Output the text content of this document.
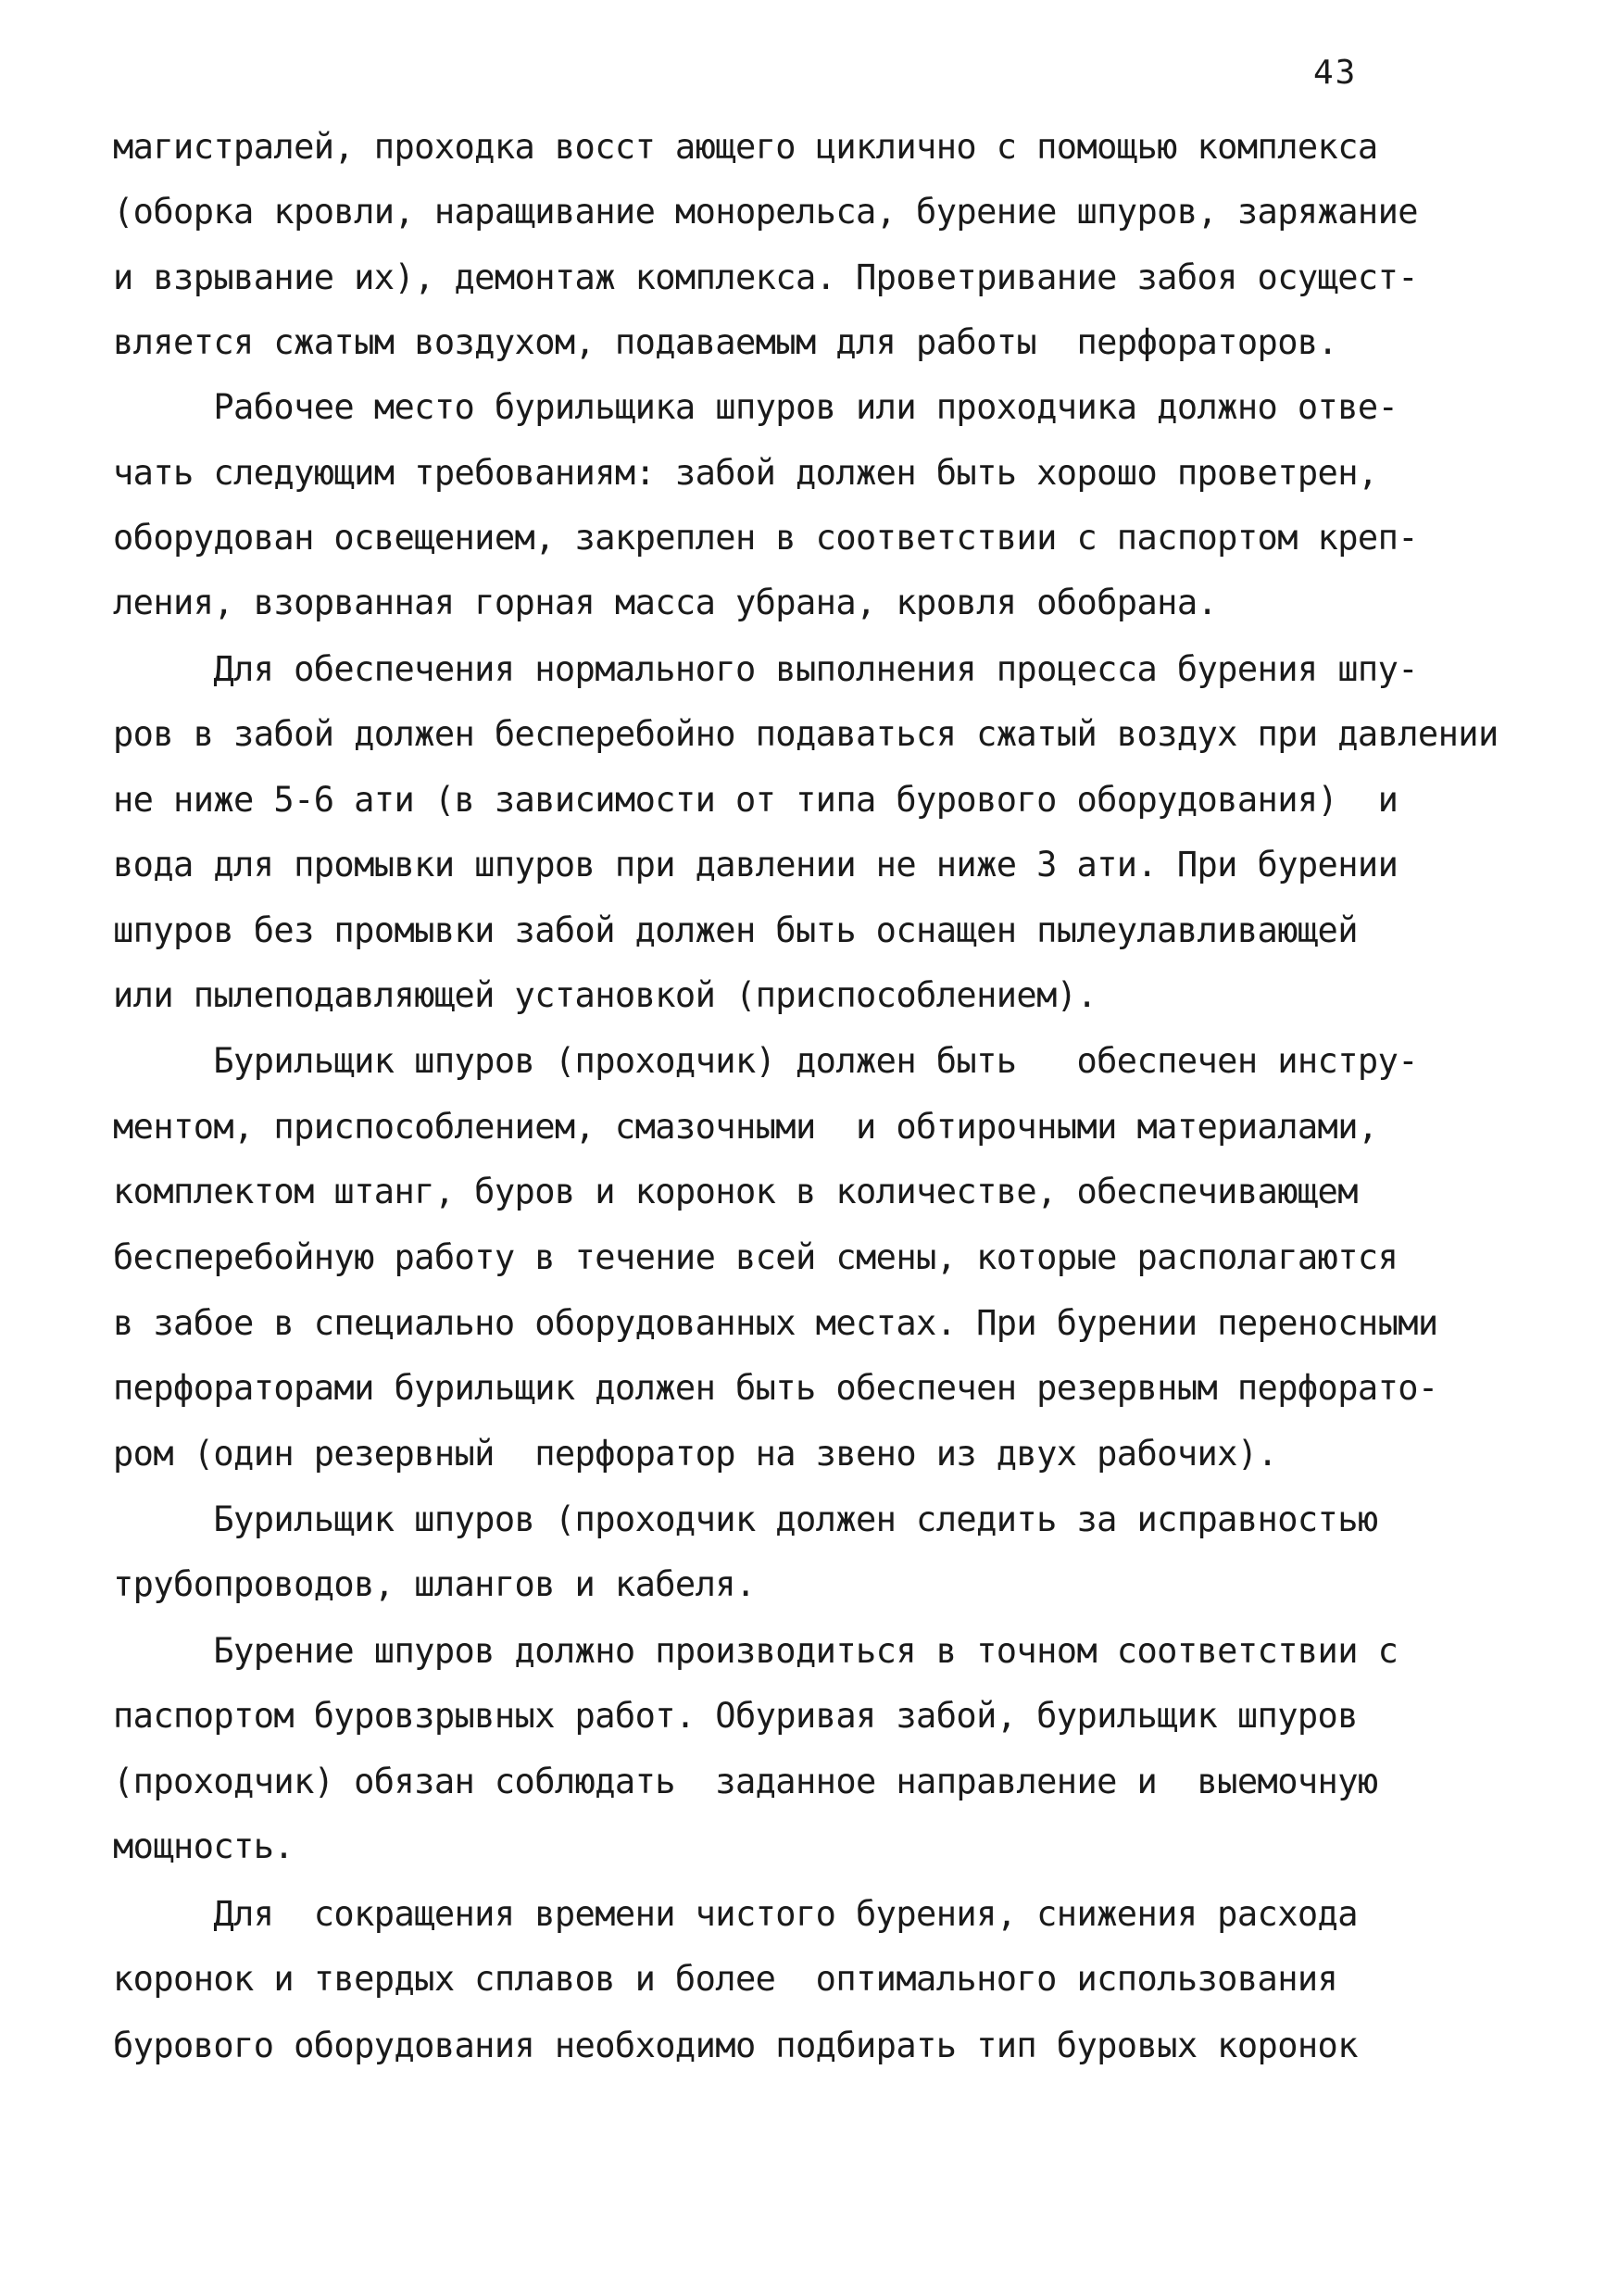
43
магистралей, проходка восст ающего циклично с помощью комплекса
(оборка кровли, наращивание монорельса, бурение шпуров, заряжание
и взрывание их), демонтаж комплекса. Проветривание забоя осущест-
вляется сжатым воздухом, подаваемым для работы  перфораторов.
Рабочее место бурильщика шпуров или проходчика должно отве-
чать следующим требованиям: забой должен быть хорошо проветрен,
оборудован освещением, закреплен в соответствии с паспортом креп-
ления, взорванная горная масса убрана, кровля обобрана.
Для обеспечения нормального выполнения процесса бурения шпу-
ров в забой должен бесперебойно подаваться сжатый воздух при давлении
не ниже 5-6 ати (в зависимости от типа бурового оборудования)  и
вода для промывки шпуров при давлении не ниже 3 ати. При бурении
шпуров без промывки забой должен быть оснащен пылеулавливающей
или пылеподавляющей установкой (приспособлением).
Бурильщик шпуров (проходчик) должен быть   обеспечен инстру-
ментом, приспособлением, смазочными  и обтирочными материалами,
комплектом штанг, буров и коронок в количестве, обеспечивающем
бесперебойную работу в течение всей смены, которые располагаются
в забое в специально оборудованных местах. При бурении переносными
перфораторами бурильщик должен быть обеспечен резервным перфорато-
ром (один резервный  перфоратор на звено из двух рабочих).
Бурильщик шпуров (проходчик должен следить за исправностью
трубопроводов, шлангов и кабеля.
Бурение шпуров должно производиться в точном соответствии с
паспортом буровзрывных работ. Обуривая забой, бурильщик шпуров
(проходчик) обязан соблюдать  заданное направление и  выемочную
мощность.
Для  сокращения времени чистого бурения, снижения расхода
коронок и твердых сплавов и более  оптимального использования
бурового оборудования необходимо подбирать тип буровых коронок
